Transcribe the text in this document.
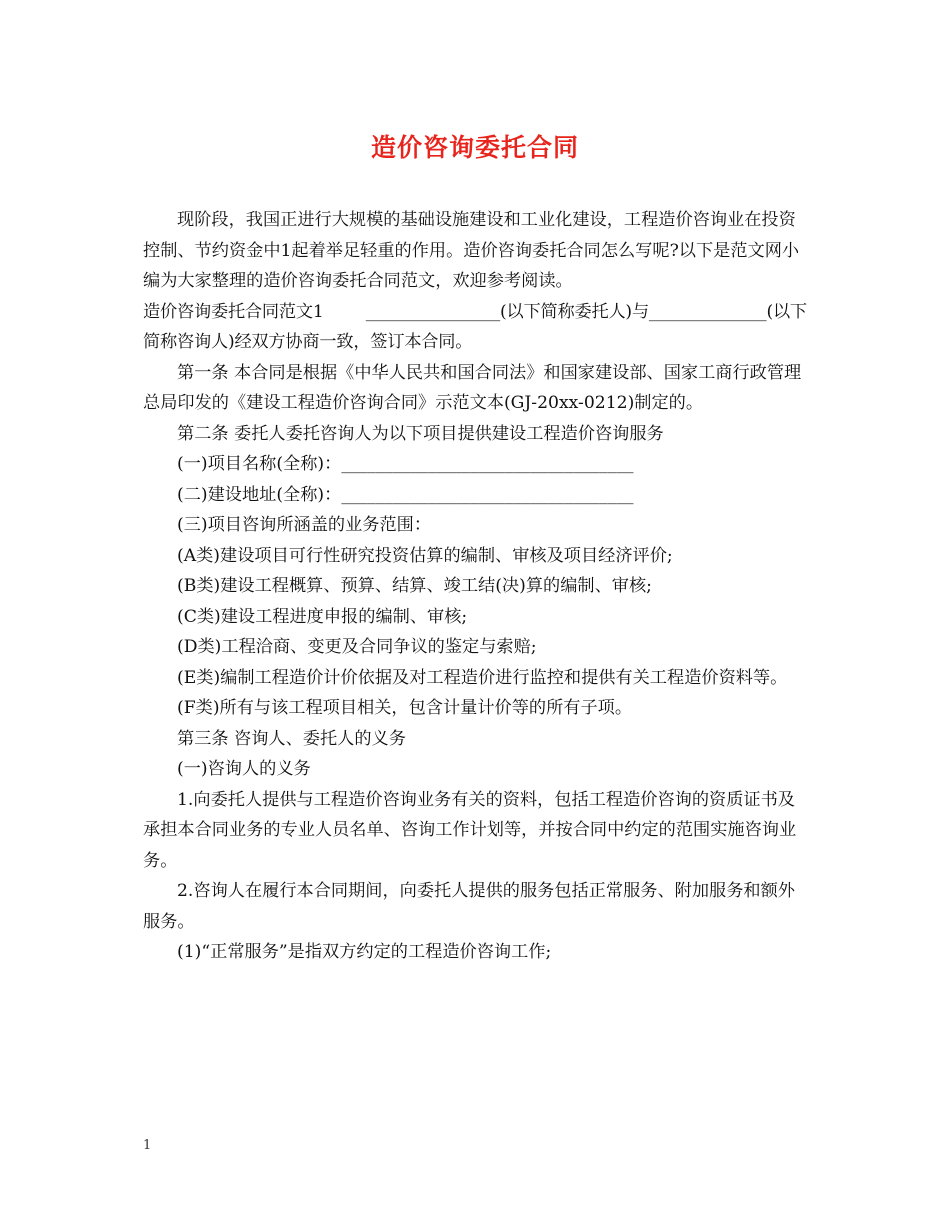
造价咨询委托合同

现阶段，我国正进行大规模的基础设施建设和工业化建设，工程造价咨询业在投资控制、节约资金中1起着举足轻重的作用。造价咨询委托合同怎么写呢?以下是范文网小编为大家整理的造价咨询委托合同范文，欢迎参考阅读。

造价咨询委托合同范文1        ________________(以下简称委托人)与______________(以下简称咨询人)经双方协商一致，签订本合同。

第一条 本合同是根据《中华人民共和国合同法》和国家建设部、国家工商行政管理总局印发的《建设工程造价咨询合同》示范文本(GJ-20xx-0212)制定的。

第二条 委托人委托咨询人为以下项目提供建设工程造价咨询服务

(一)项目名称(全称)：__________________________________

(二)建设地址(全称)：__________________________________

(三)项目咨询所涵盖的业务范围：

(A类)建设项目可行性研究投资估算的编制、审核及项目经济评价;

(B类)建设工程概算、预算、结算、竣工结(决)算的编制、审核;

(C类)建设工程进度申报的编制、审核;

(D类)工程洽商、变更及合同争议的鉴定与索赔;

(E类)编制工程造价计价依据及对工程造价进行监控和提供有关工程造价资料等。

(F类)所有与该工程项目相关，包含计量计价等的所有子项。

第三条 咨询人、委托人的义务

(一)咨询人的义务

1.向委托人提供与工程造价咨询业务有关的资料，包括工程造价咨询的资质证书及承担本合同业务的专业人员名单、咨询工作计划等，并按合同中约定的范围实施咨询业务。

2.咨询人在履行本合同期间，向委托人提供的服务包括正常服务、附加服务和额外服务。

(1)“正常服务”是指双方约定的工程造价咨询工作;

1
